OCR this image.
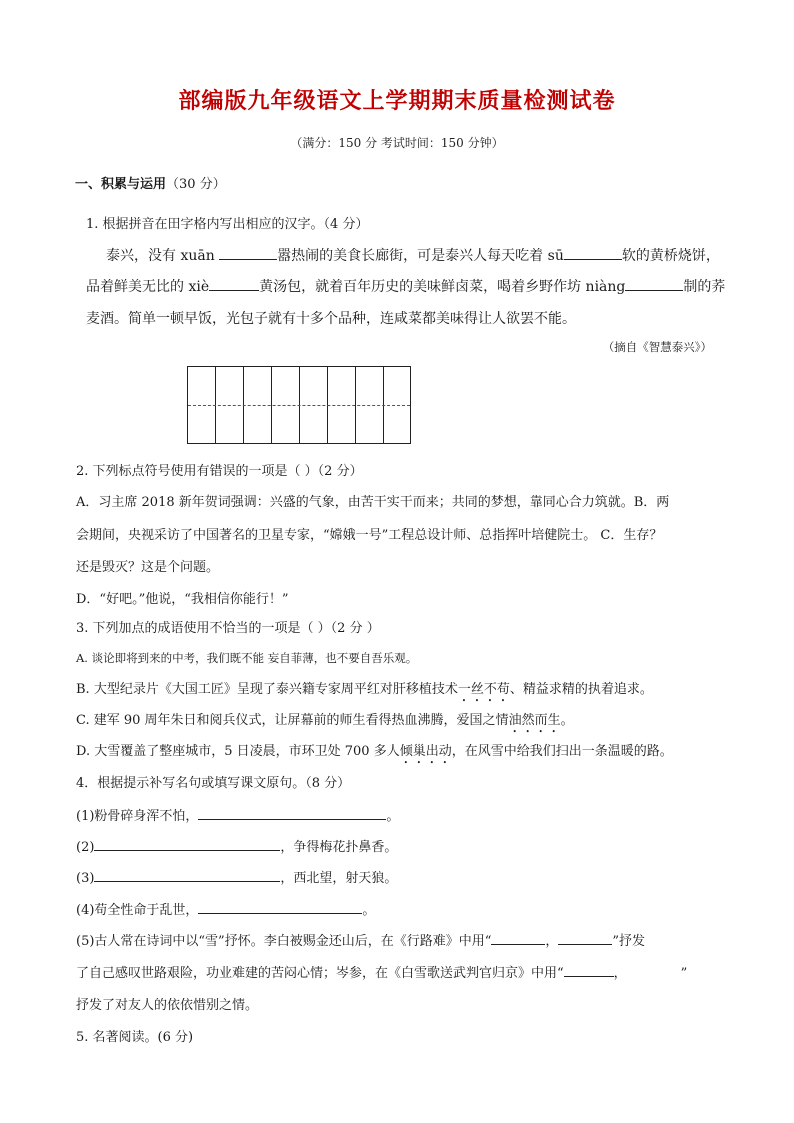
部编版九年级语文上学期期末质量检测试卷
（满分：150 分 考试时间：150 分钟）
一、积累与运用（30 分）
1. 根据拼音在田字格内写出相应的汉字。（4 分）
泰兴，没有 xuān	嚣热闹的美食长廊街，可是泰兴人每天吃着 sū	软的黄桥烧饼，
品着鲜美无比的 xiè	黄汤包，就着百年历史的美味鲜卤菜，喝着乡野作坊 niàng	制的荞
麦酒。简单一顿早饭，光包子就有十多个品种，连咸菜都美味得让人欲罢不能。
（摘自《智慧泰兴》）
2. 下列标点符号使用有错误的一项是（ ）（2 分）
A．习主席 2018 新年贺词强调：兴盛的气象，由苦干实干而来；共同的梦想，靠同心合力筑就。B．两
会期间，央视采访了中国著名的卫星专家，“嫦娥一号”工程总设计师、总指挥叶培健院士。 C．生存？
还是毁灭？这是个问题。
D．“好吧。”他说，“我相信你能行！”
3. 下列加点的成语使用不恰当的一项是（ ）（2 分 ）
A. 谈论即将到来的中考，我们既不能 妄自菲薄，也不要自吾乐观。
B. 大型纪录片《大国工匠》呈现了泰兴籍专家周平红对肝移植技术一丝不苟、精益求精的执着追求。
C. 建军 90 周年朱日和阅兵仪式，让屏幕前的师生看得热血沸腾，爱国之情油然而生。
D. 大雪覆盖了整座城市，5 日凌晨，市环卫处 700 多人倾巢出动，在风雪中给我们扫出一条温暖的路。
4．根据提示补写名句或填写课文原句。（8 分）
(1)粉骨碎身浑不怕，	。
(2)	，争得梅花扑鼻香。
(3)	，西北望，射天狼。
(4)苟全性命于乱世，	。
(5)古人常在诗词中以“雪”抒怀。李白被赐金还山后，在《行路难》中用“	，	”抒发
了自己感叹世路艰险，功业难建的苦闷心情；岑参，在《白雪歌送武判官归京》中用“	，	”
抒发了对友人的依依惜别之情。
5. 名著阅读。(6 分)
